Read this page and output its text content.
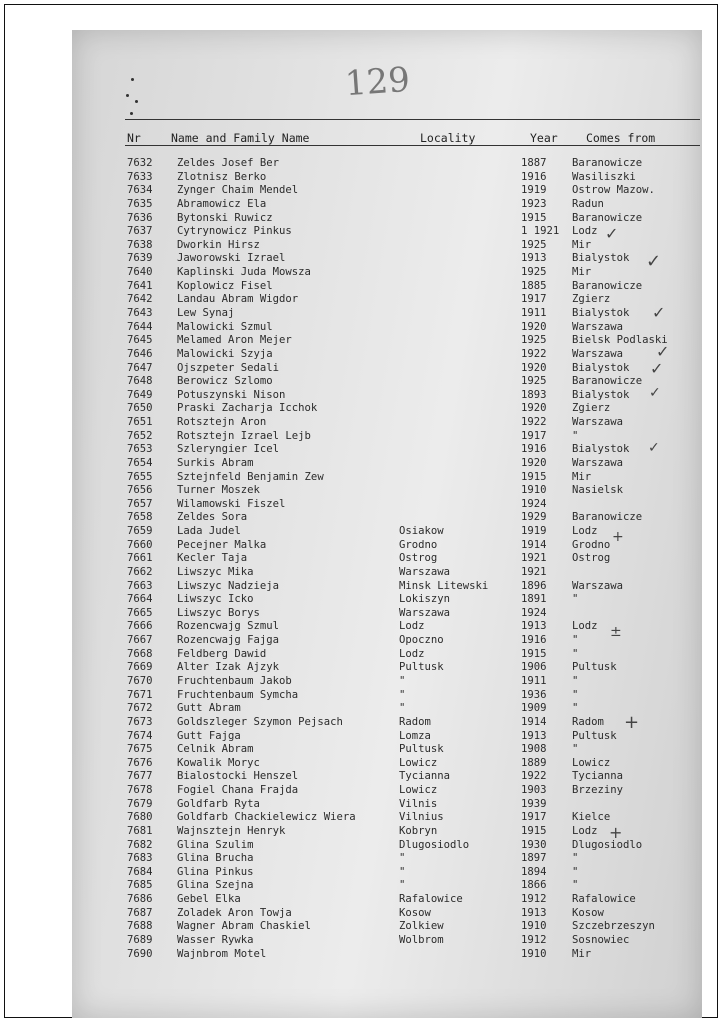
129
Nr	Name and Family Name	Locality	Year Comes from
7632 Zeldes Josef Ber	1887 Baranowicze
7633 Zlotnisz Berko	1916 Wasiliszki
7634 Zynger Chaim Mendel	1919 Ostrow Mazow.
7635 Abramowicz Ela	1923 Radun
7636 Bytonski Ruwicz	1915 Baranowicze
7637 Cytrynowicz Pinkus	1 1921 Lodz
7638 Dworkin Hirsz	1925 Mir
7639 Jaworowski Izrael	1913 Bialystok
7640 Kaplinski Juda Mowsza	1925 Mir
7641 Koplowicz Fisel	1885 Baranowicze
7642 Landau Abram Wigdor	1917 Zgierz
7643 Lew Synaj	1911 Bialystok
7644 Malowicki Szmul	1920 Warszawa
7645 Melamed Aron Mejer	1925 Bielsk Podlaski
7646 Malowicki Szyja	1922 Warszawa
7647 Ojszpeter Sedali	1920 Bialystok
7648 Berowicz Szlomo	1925 Baranowicze
7649 Potuszynski Nison	1893 Bialystok
7650 Praski Zacharja Icchok	1920 Zgierz
7651 Rotsztejn Aron	1922 Warszawa
7652 Rotsztejn Izrael Lejb	1917 "
7653 Szleryngier Icel	1916 Bialystok
7654 Surkis Abram	1920 Warszawa
7655 Sztejnfeld Benjamin Zew	1915 Mir
7656 Turner Moszek	1910 Nasielsk
7657 Wilamowski Fiszel	1924
7658 Zeldes Sora	1929 Baranowicze
7659 Lada Judel	Osiakow	1919 Lodz
7660 Pecejner Malka	Grodno	1914 Grodno
7661 Kecler Taja	Ostrog	1921 Ostrog
7662 Liwszyc Mika	Warszawa	1921
7663 Liwszyc Nadzieja	Minsk Litewski	1896 Warszawa
7664 Liwszyc Icko	Lokiszyn	1891 "
7665 Liwszyc Borys	Warszawa	1924
7666 Rozencwajg Szmul	Lodz	1913 Lodz
7667 Rozencwajg Fajga	Opoczno	1916 "
7668 Feldberg Dawid	Lodz	1915 "
7669 Alter Izak Ajzyk	Pultusk	1906 Pultusk
7670 Fruchtenbaum Jakob	"	1911 "
7671 Fruchtenbaum Symcha	"	1936 "
7672 Gutt Abram	"	1909 "
7673 Goldszleger Szymon Pejsach	Radom	1914 Radom
7674 Gutt Fajga	Lomza	1913 Pultusk
7675 Celnik Abram	Pultusk	1908 "
7676 Kowalik Moryc	Lowicz	1889 Lowicz
7677 Bialostocki Henszel	Tycianna	1922 Tycianna
7678 Fogiel Chana Frajda	Lowicz	1903 Brzeziny
7679 Goldfarb Ryta	Vilnis	1939
7680 Goldfarb Chackielewicz Wiera	Vilnius	1917 Kielce
7681 Wajnsztejn Henryk	Kobryn	1915 Lodz
7682 Glina Szulim	Dlugosiodlo	1930 Dlugosiodlo
7683 Glina Brucha	"	1897 "
7684 Glina Pinkus	"	1894 "
7685 Glina Szejna	"	1866 "
7686 Gebel Elka	Rafalowice	1912 Rafalowice
7687 Zoladek Aron Towja	Kosow	1913 Kosow
7688 Wagner Abram Chaskiel	Zolkiew	1910 Szczebrzeszyn
7689 Wasser Rywka	Wolbrom	1912 Sosnowiec
7690 Wajnbrom Motel	1910 Mir
✓
✓
✓
✓
✓
✓
✓
+
±
+
+
